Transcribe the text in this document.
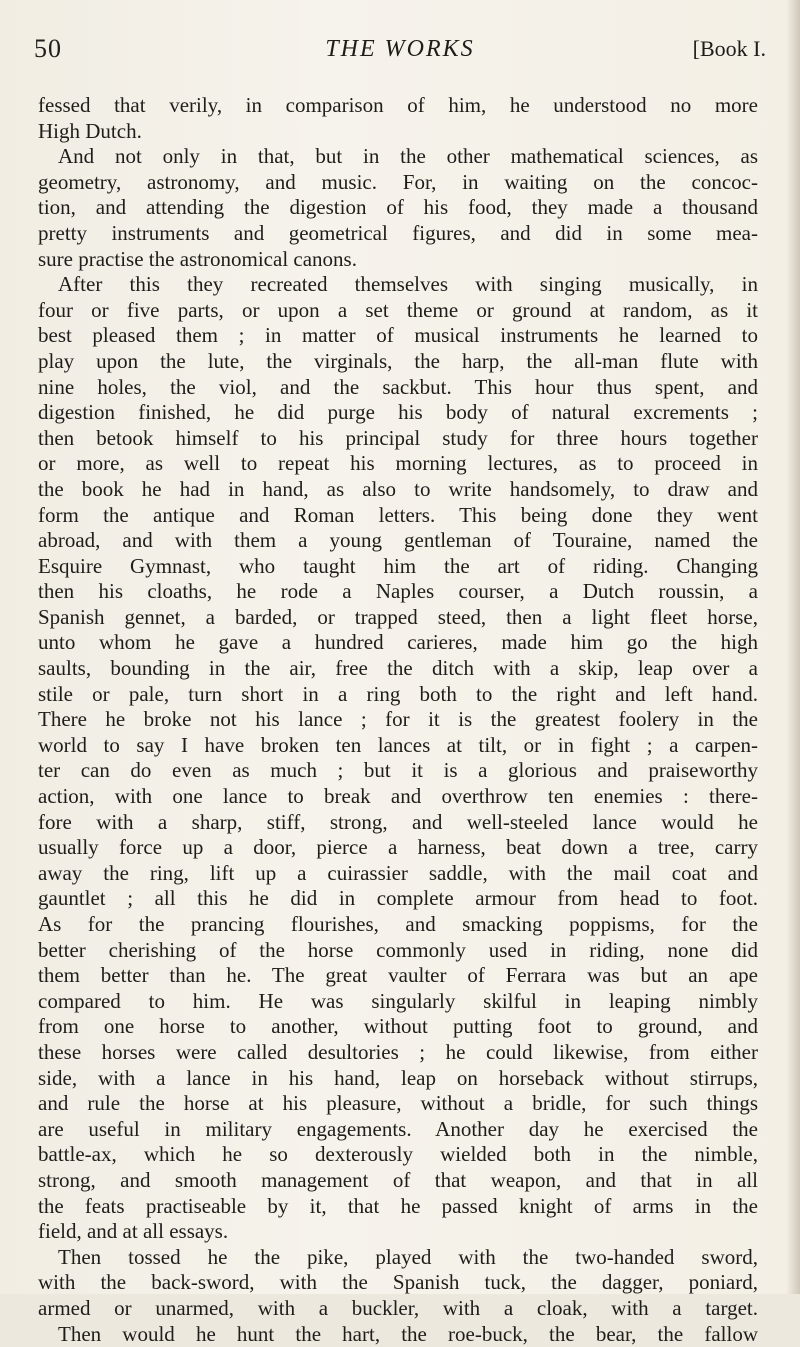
50	THE WORKS	[Book I.
fessed that verily, in comparison of him, he understood no more
High Dutch.
And not only in that, but in the other mathematical sciences, as
geometry, astronomy, and music. For, in waiting on the concoc-
tion, and attending the digestion of his food, they made a thousand
pretty instruments and geometrical figures, and did in some mea-
sure practise the astronomical canons.
After this they recreated themselves with singing musically, in
four or five parts, or upon a set theme or ground at random, as it
best pleased them ; in matter of musical instruments he learned to
play upon the lute, the virginals, the harp, the all-man flute with
nine holes, the viol, and the sackbut. This hour thus spent, and
digestion finished, he did purge his body of natural excrements ;
then betook himself to his principal study for three hours together
or more, as well to repeat his morning lectures, as to proceed in
the book he had in hand, as also to write handsomely, to draw and
form the antique and Roman letters. This being done they went
abroad, and with them a young gentleman of Touraine, named the
Esquire Gymnast, who taught him the art of riding. Changing
then his cloaths, he rode a Naples courser, a Dutch roussin, a
Spanish gennet, a barded, or trapped steed, then a light fleet horse,
unto whom he gave a hundred carieres, made him go the high
saults, bounding in the air, free the ditch with a skip, leap over a
stile or pale, turn short in a ring both to the right and left hand.
There he broke not his lance ; for it is the greatest foolery in the
world to say I have broken ten lances at tilt, or in fight ; a carpen-
ter can do even as much ; but it is a glorious and praiseworthy
action, with one lance to break and overthrow ten enemies : there-
fore with a sharp, stiff, strong, and well-steeled lance would he
usually force up a door, pierce a harness, beat down a tree, carry
away the ring, lift up a cuirassier saddle, with the mail coat and
gauntlet ; all this he did in complete armour from head to foot.
As for the prancing flourishes, and smacking poppisms, for the
better cherishing of the horse commonly used in riding, none did
them better than he. The great vaulter of Ferrara was but an ape
compared to him. He was singularly skilful in leaping nimbly
from one horse to another, without putting foot to ground, and
these horses were called desultories ; he could likewise, from either
side, with a lance in his hand, leap on horseback without stirrups,
and rule the horse at his pleasure, without a bridle, for such things
are useful in military engagements. Another day he exercised the
battle-ax, which he so dexterously wielded both in the nimble,
strong, and smooth management of that weapon, and that in all
the feats practiseable by it, that he passed knight of arms in the
field, and at all essays.
Then tossed he the pike, played with the two-handed sword,
with the back-sword, with the Spanish tuck, the dagger, poniard,
armed or unarmed, with a buckler, with a cloak, with a target.
Then would he hunt the hart, the roe-buck, the bear, the fallow
